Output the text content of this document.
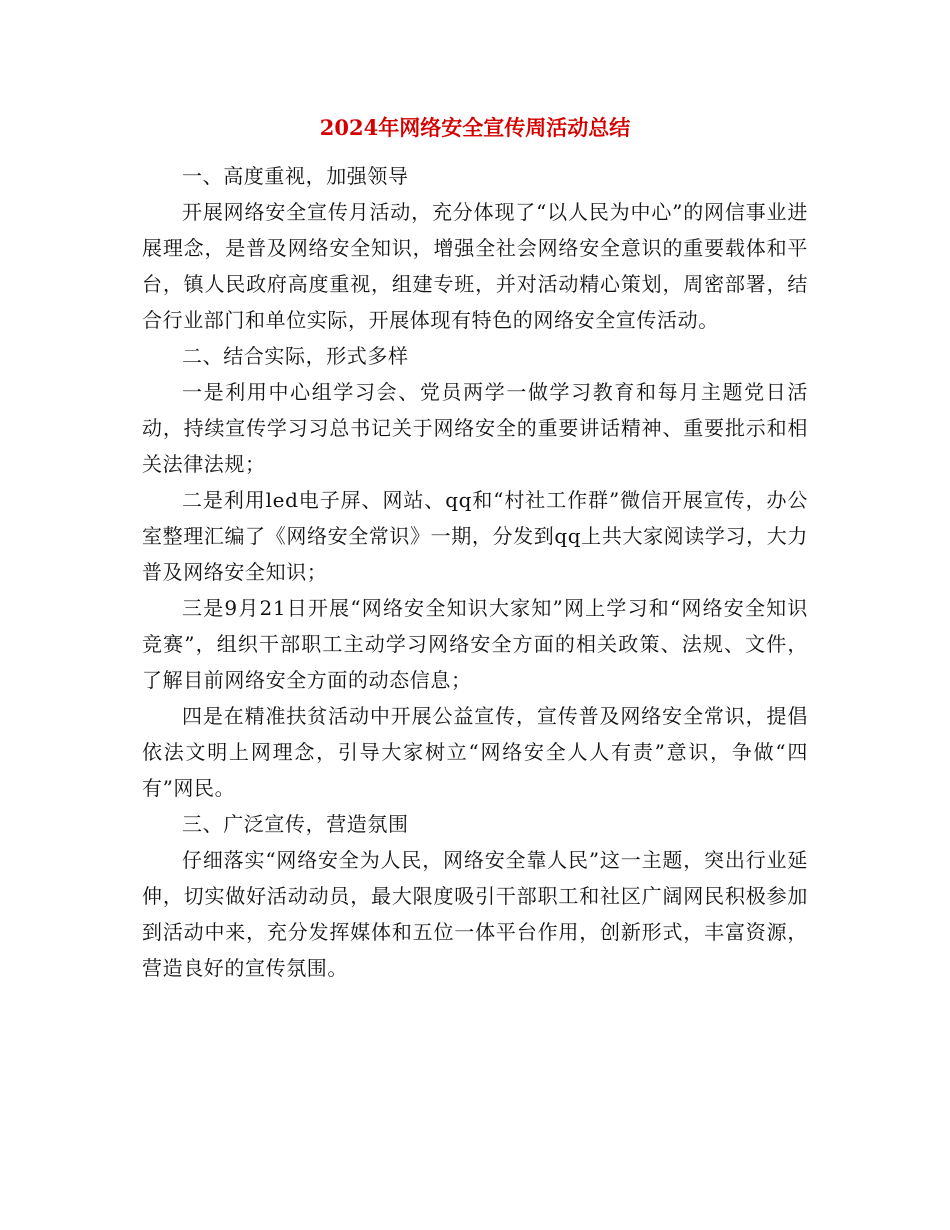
2024年网络安全宣传周活动总结

一、高度重视，加强领导

开展网络安全宣传月活动，充分体现了“以人民为中心”的网信事业进展理念，是普及网络安全知识，增强全社会网络安全意识的重要载体和平台，镇人民政府高度重视，组建专班，并对活动精心策划，周密部署，结合行业部门和单位实际，开展体现有特色的网络安全宣传活动。

二、结合实际，形式多样

一是利用中心组学习会、党员两学一做学习教育和每月主题党日活动，持续宣传学习习总书记关于网络安全的重要讲话精神、重要批示和相关法律法规；

二是利用led电子屏、网站、qq和“村社工作群”微信开展宣传，办公室整理汇编了《网络安全常识》一期，分发到qq上共大家阅读学习，大力普及网络安全知识；

三是9月21日开展“网络安全知识大家知”网上学习和“网络安全知识竞赛”，组织干部职工主动学习网络安全方面的相关政策、法规、文件，了解目前网络安全方面的动态信息；

四是在精准扶贫活动中开展公益宣传，宣传普及网络安全常识，提倡依法文明上网理念，引导大家树立“网络安全人人有责”意识，争做“四有”网民。

三、广泛宣传，营造氛围

仔细落实“网络安全为人民，网络安全靠人民”这一主题，突出行业延伸，切实做好活动动员，最大限度吸引干部职工和社区广阔网民积极参加到活动中来，充分发挥媒体和五位一体平台作用，创新形式，丰富资源，营造良好的宣传氛围。
